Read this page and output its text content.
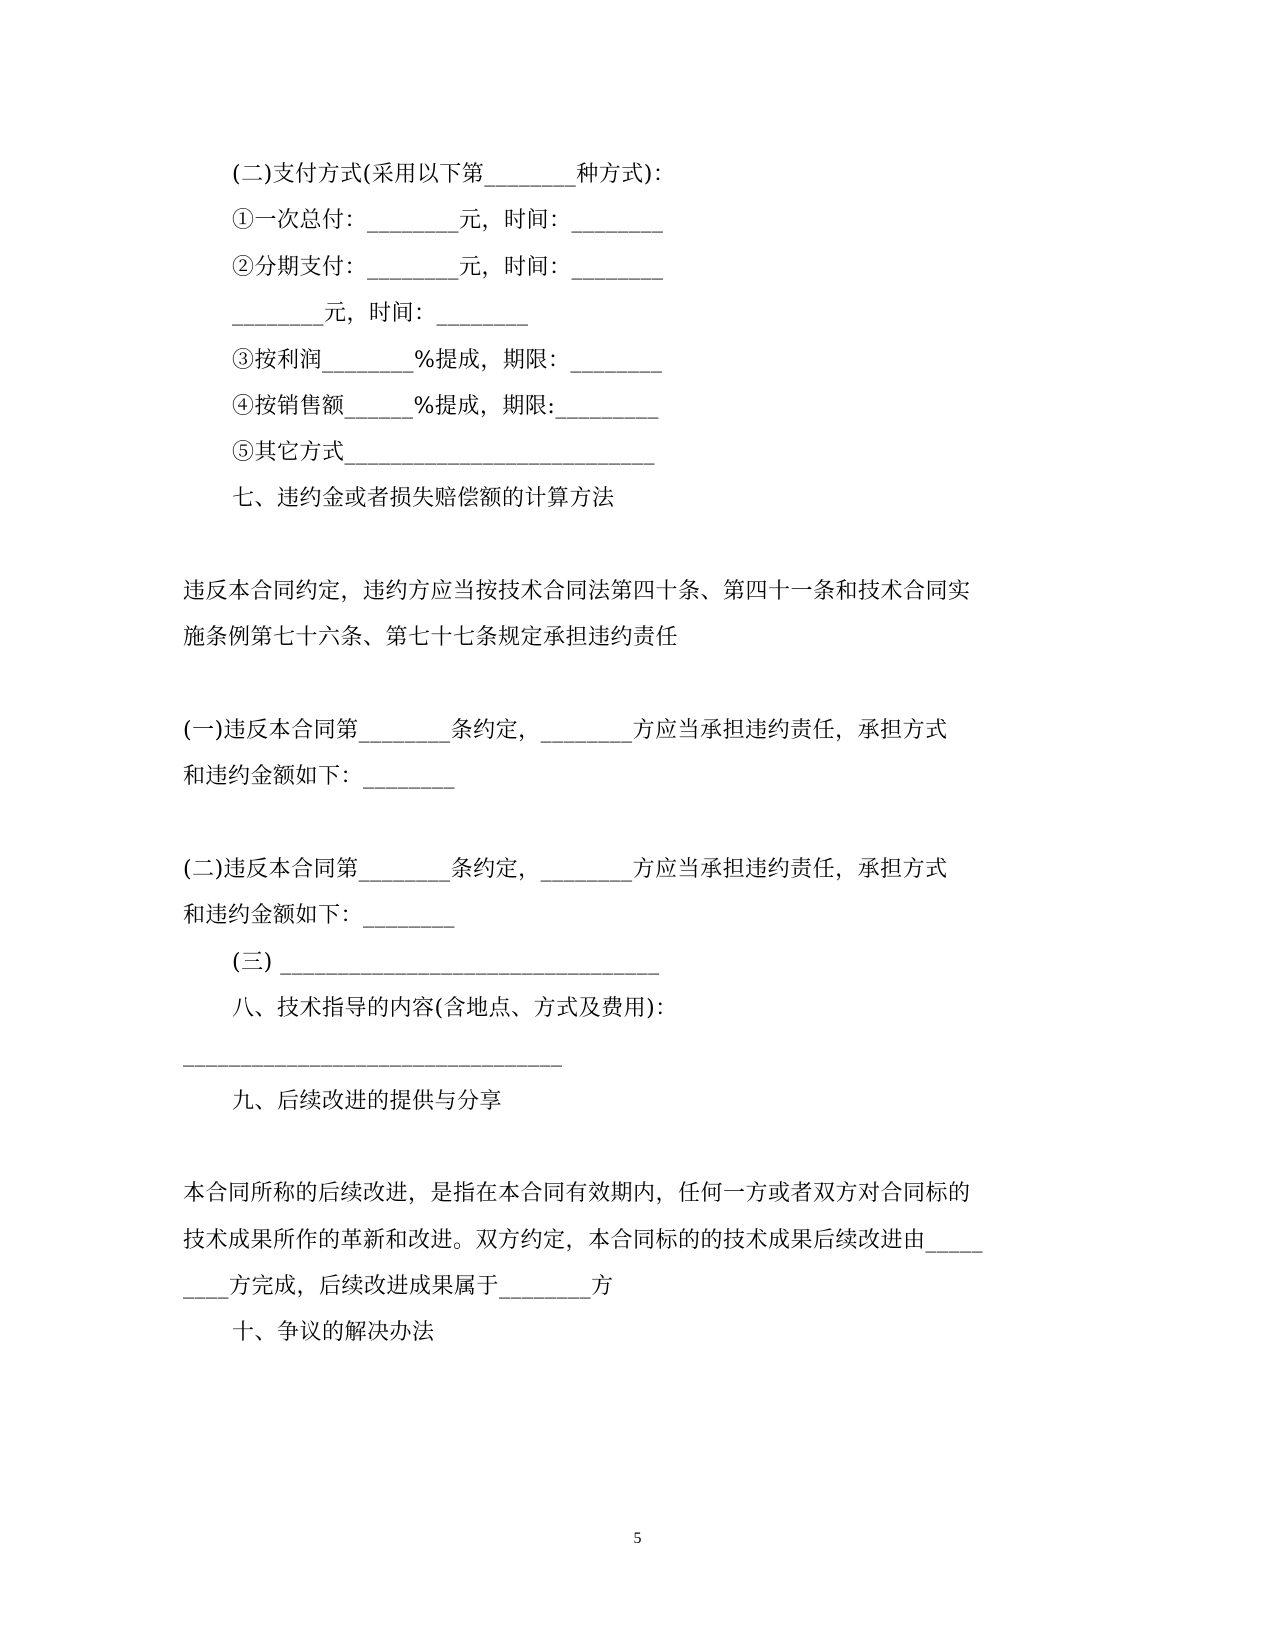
(二)支付方式(采用以下第________种方式)：
①一次总付：________元，时间：________
②分期支付：________元，时间：________
________元，时间：________
③按利润________%提成，期限：________
④按销售额______%提成，期限:_________
⑤其它方式___________________________
七、违约金或者损失赔偿额的计算方法
违反本合同约定，违约方应当按技术合同法第四十条、第四十一条和技术合同实
施条例第七十六条、第七十七条规定承担违约责任
(一)违反本合同第________条约定，________方应当承担违约责任，承担方式
和违约金额如下：________
(二)违反本合同第________条约定，________方应当承担违约责任，承担方式
和违约金额如下：________
(三) _________________________________
八、技术指导的内容(含地点、方式及费用)：
_________________________________
九、后续改进的提供与分享
本合同所称的后续改进，是指在本合同有效期内，任何一方或者双方对合同标的
技术成果所作的革新和改进。双方约定，本合同标的的技术成果后续改进由_____
____方完成，后续改进成果属于________方
十、争议的解决办法
5
